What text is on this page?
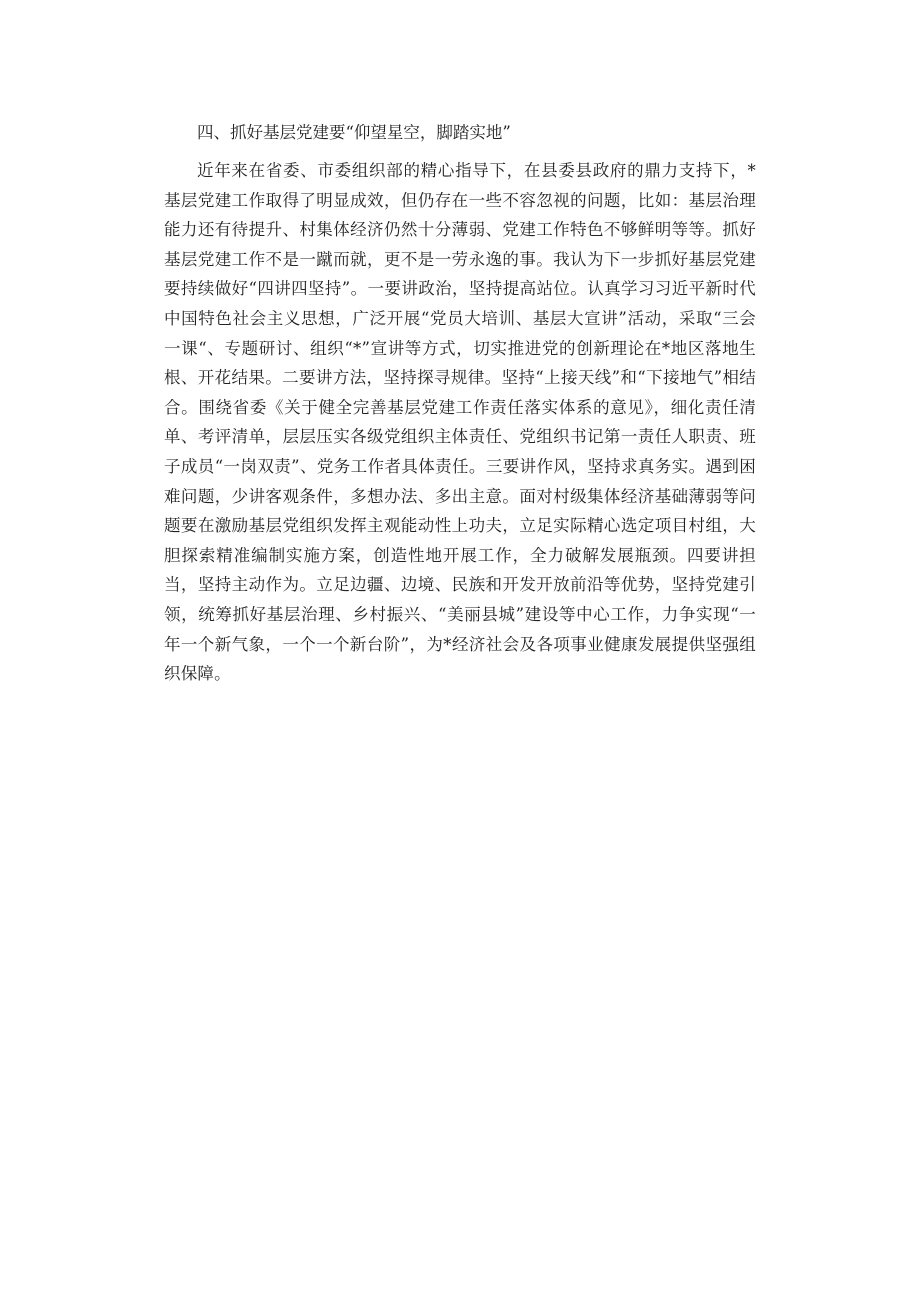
四、抓好基层党建要“仰望星空，脚踏实地”

近年来在省委、市委组织部的精心指导下，在县委县政府的鼎力支持下，*基层党建工作取得了明显成效，但仍存在一些不容忽视的问题，比如：基层治理能力还有待提升、村集体经济仍然十分薄弱、党建工作特色不够鲜明等等。抓好基层党建工作不是一蹴而就，更不是一劳永逸的事。我认为下一步抓好基层党建要持续做好“四讲四坚持”。一要讲政治，坚持提高站位。认真学习习近平新时代中国特色社会主义思想，广泛开展“党员大培训、基层大宣讲”活动，采取“三会一课“、专题研讨、组织“*”宣讲等方式，切实推进党的创新理论在*地区落地生根、开花结果。二要讲方法，坚持探寻规律。坚持“上接天线”和“下接地气”相结合。围绕省委《关于健全完善基层党建工作责任落实体系的意见》，细化责任清单、考评清单，层层压实各级党组织主体责任、党组织书记第一责任人职责、班子成员“一岗双责”、党务工作者具体责任。三要讲作风，坚持求真务实。遇到困难问题，少讲客观条件，多想办法、多出主意。面对村级集体经济基础薄弱等问题要在激励基层党组织发挥主观能动性上功夫，立足实际精心选定项目村组，大胆探索精准编制实施方案，创造性地开展工作，全力破解发展瓶颈。四要讲担当，坚持主动作为。立足边疆、边境、民族和开发开放前沿等优势，坚持党建引领，统筹抓好基层治理、乡村振兴、“美丽县城”建设等中心工作，力争实现“一年一个新气象，一个一个新台阶”，为*经济社会及各项事业健康发展提供坚强组织保障。
